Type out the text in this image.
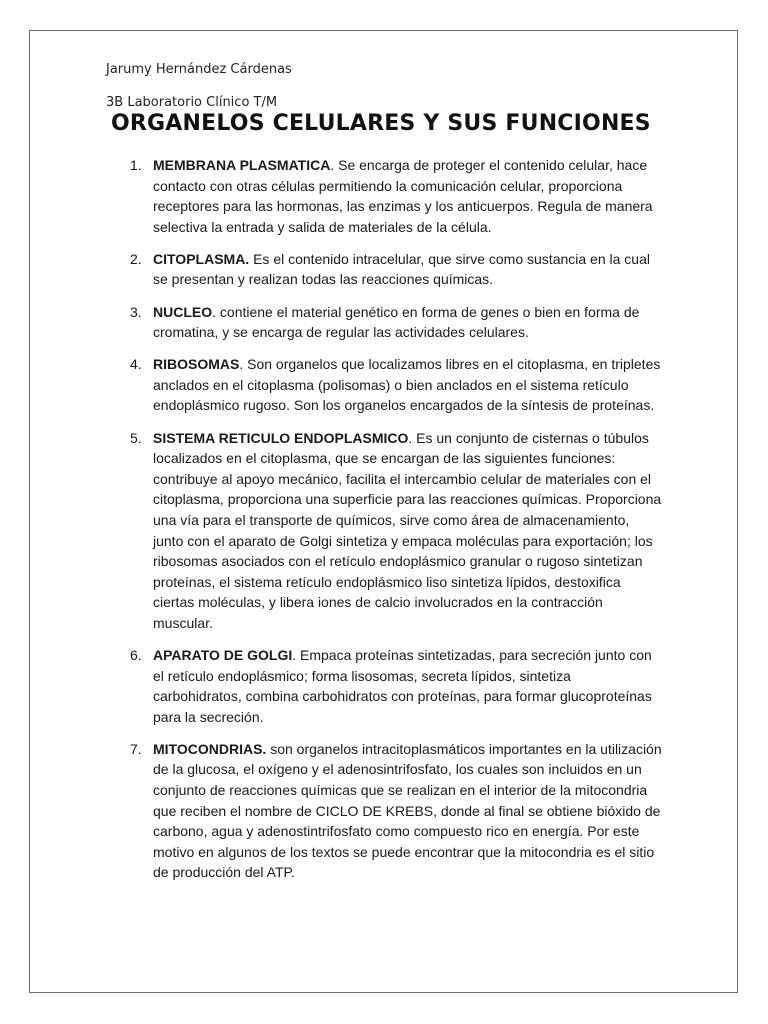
Jarumy Hernández Cárdenas
3B Laboratorio Clínico T/M
ORGANELOS CELULARES Y SUS FUNCIONES
1. MEMBRANA PLASMATICA. Se encarga de proteger el contenido celular, hace contacto con otras células permitiendo la comunicación celular, proporciona receptores para las hormonas, las enzimas y los anticuerpos. Regula de manera selectiva la entrada y salida de materiales de la célula.
2. CITOPLASMA. Es el contenido intracelular, que sirve como sustancia en la cual se presentan y realizan todas las reacciones químicas.
3. NUCLEO. contiene el material genético en forma de genes o bien en forma de cromatina, y se encarga de regular las actividades celulares.
4. RIBOSOMAS. Son organelos que localizamos libres en el citoplasma, en tripletes anclados en el citoplasma (polisomas) o bien anclados en el sistema retículo endoplásmico rugoso. Son los organelos encargados de la síntesis de proteínas.
5. SISTEMA RETICULO ENDOPLASMICO. Es un conjunto de cisternas o túbulos localizados en el citoplasma, que se encargan de las siguientes funciones: contribuye al apoyo mecánico, facilita el intercambio celular de materiales con el citoplasma, proporciona una superficie para las reacciones químicas. Proporciona una vía para el transporte de químicos, sirve como área de almacenamiento, junto con el aparato de Golgi sintetiza y empaca moléculas para exportación; los ribosomas asociados con el retículo endoplásmico granular o rugoso sintetizan proteínas, el sistema retículo endoplásmico liso sintetiza lípidos, destoxifica ciertas moléculas, y libera iones de calcio involucrados en la contracción muscular.
6. APARATO DE GOLGI. Empaca proteínas sintetizadas, para secreción junto con el retículo endoplásmico; forma lisosomas, secreta lípidos, sintetiza carbohidratos, combina carbohidratos con proteínas, para formar glucoproteínas para la secreción.
7. MITOCONDRIAS. son organelos intracitoplasmáticos importantes en la utilización de la glucosa, el oxígeno y el adenosintrifosfato, los cuales son incluidos en un conjunto de reacciones químicas que se realizan en el interior de la mitocondria que reciben el nombre de CICLO DE KREBS, donde al final se obtiene bióxido de carbono, agua y adenostintrifosfato como compuesto rico en energía. Por este motivo en algunos de los textos se puede encontrar que la mitocondria es el sitio de producción del ATP.
